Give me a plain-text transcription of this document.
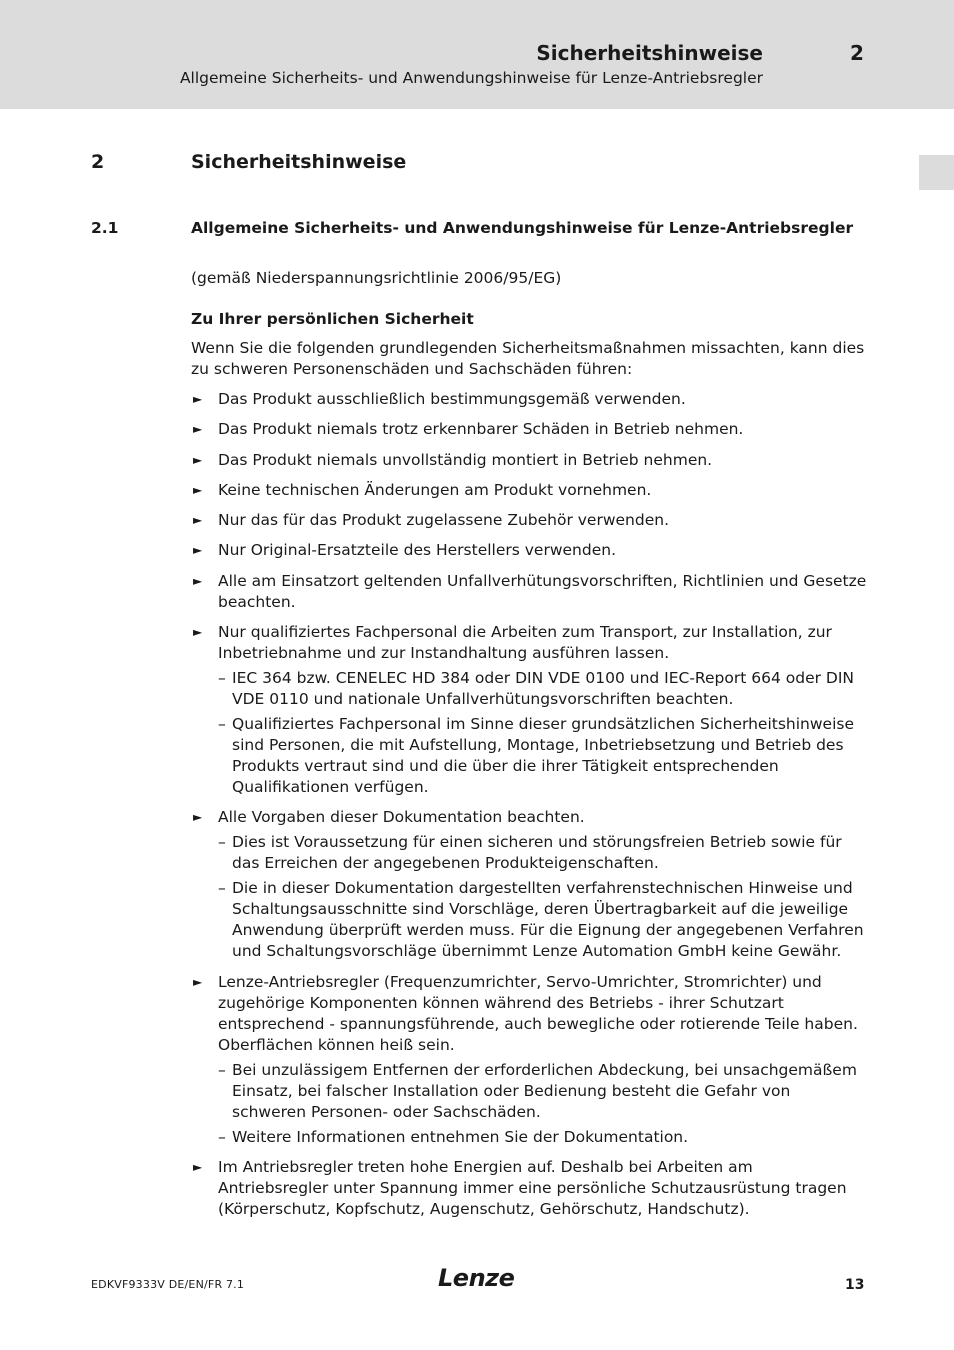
Sicherheitshinweise	2
Allgemeine Sicherheits- und Anwendungshinweise für Lenze-Antriebsregler
2	Sicherheitshinweise
2.1	Allgemeine Sicherheits- und Anwendungshinweise für Lenze-Antriebsregler

(gemäß Niederspannungsrichtlinie 2006/95/EG)

Zu Ihrer persönlichen Sicherheit

Wenn Sie die folgenden grundlegenden Sicherheitsmaßnahmen missachten, kann dies zu schweren Personenschäden und Sachschäden führen:

► Das Produkt ausschließlich bestimmungsgemäß verwenden.
► Das Produkt niemals trotz erkennbarer Schäden in Betrieb nehmen.
► Das Produkt niemals unvollständig montiert in Betrieb nehmen.
► Keine technischen Änderungen am Produkt vornehmen.
► Nur das für das Produkt zugelassene Zubehör verwenden.
► Nur Original-Ersatzteile des Herstellers verwenden.
► Alle am Einsatzort geltenden Unfallverhütungsvorschriften, Richtlinien und Gesetze beachten.
► Nur qualifiziertes Fachpersonal die Arbeiten zum Transport, zur Installation, zur Inbetriebnahme und zur Instandhaltung ausführen lassen.
– IEC 364 bzw. CENELEC HD 384 oder DIN VDE 0100 und IEC-Report 664 oder DIN VDE 0110 und nationale Unfallverhütungsvorschriften beachten.
– Qualifiziertes Fachpersonal im Sinne dieser grundsätzlichen Sicherheitshinweise sind Personen, die mit Aufstellung, Montage, Inbetriebsetzung und Betrieb des Produkts vertraut sind und die über die ihrer Tätigkeit entsprechenden Qualifikationen verfügen.
► Alle Vorgaben dieser Dokumentation beachten.
– Dies ist Voraussetzung für einen sicheren und störungsfreien Betrieb sowie für das Erreichen der angegebenen Produkteigenschaften.
– Die in dieser Dokumentation dargestellten verfahrenstechnischen Hinweise und Schaltungsausschnitte sind Vorschläge, deren Übertragbarkeit auf die jeweilige Anwendung überprüft werden muss. Für die Eignung der angegebenen Verfahren und Schaltungsvorschläge übernimmt Lenze Automation GmbH keine Gewähr.
► Lenze-Antriebsregler (Frequenzumrichter, Servo-Umrichter, Stromrichter) und zugehörige Komponenten können während des Betriebs - ihrer Schutzart entsprechend - spannungsführende, auch bewegliche oder rotierende Teile haben. Oberflächen können heiß sein.
– Bei unzulässigem Entfernen der erforderlichen Abdeckung, bei unsachgemäßem Einsatz, bei falscher Installation oder Bedienung besteht die Gefahr von schweren Personen- oder Sachschäden.
– Weitere Informationen entnehmen Sie der Dokumentation.
► Im Antriebsregler treten hohe Energien auf. Deshalb bei Arbeiten am Antriebsregler unter Spannung immer eine persönliche Schutzausrüstung tragen (Körperschutz, Kopfschutz, Augenschutz, Gehörschutz, Handschutz).
EDKVF9333V DE/EN/FR 7.1	Lenze	13
